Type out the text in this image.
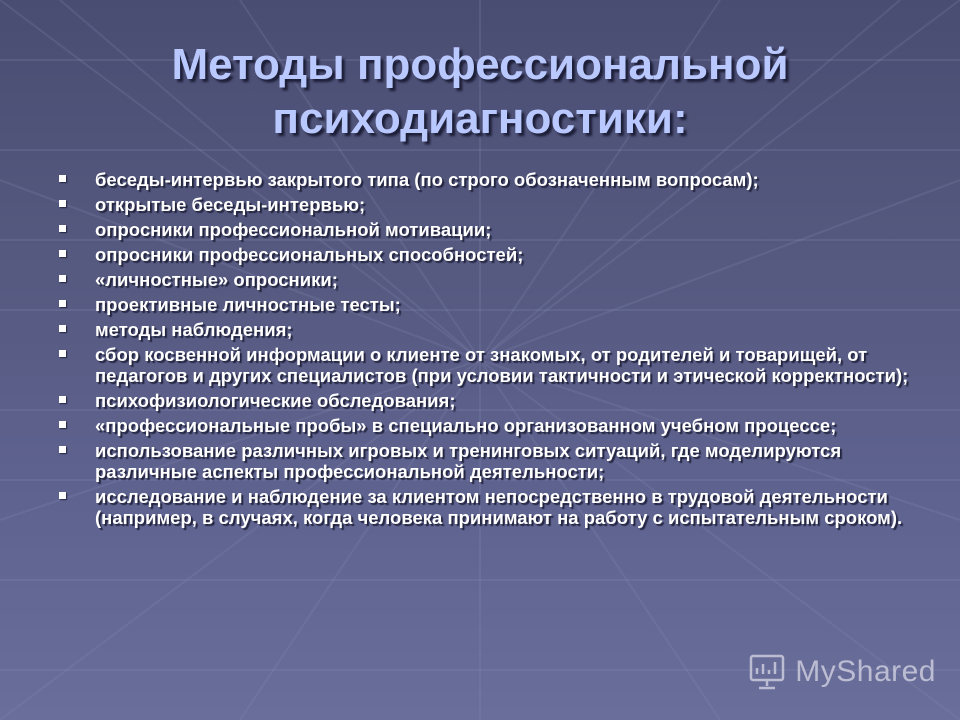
Методы профессиональной
психодиагностики:
беседы-интервью закрытого типа (по строго обозначенным вопросам);
открытые беседы-интервью;
опросники профессиональной мотивации;
опросники профессиональных способностей;
«личностные» опросники;
проективные личностные тесты;
методы наблюдения;
сбор косвенной информации о клиенте от знакомых, от родителей и товарищей, от педагогов и других специалистов (при условии тактичности и этической корректности);
психофизиологические обследования;
«профессиональные пробы» в специально организованном учебном процессе;
использование различных игровых и тренинговых ситуаций, где моделируются различные аспекты профессиональной деятельности;
исследование и наблюдение за клиентом непосредственно в трудовой деятельности (например, в случаях, когда человека принимают на работу с испытательным сроком).
MyShared
